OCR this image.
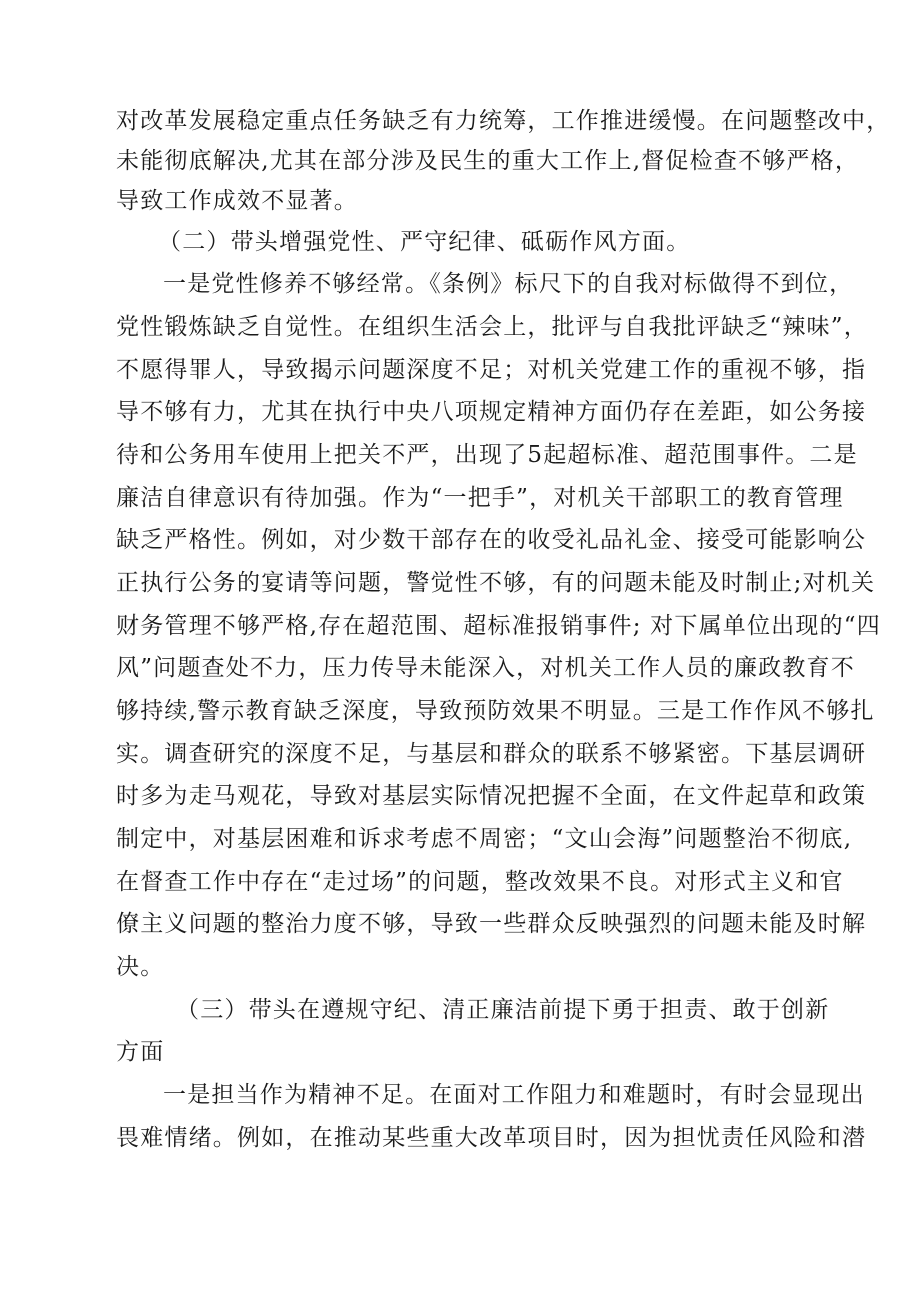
对改革发展稳定重点任务缺乏有力统筹，工作推进缓慢。在问题整改中，
未能彻底解决,尤其在部分涉及民生的重大工作上,督促检查不够严格，
导致工作成效不显著。
（二）带头增强党性、严守纪律、砥砺作风方面。
一是党性修养不够经常。《条例》标尺下的自我对标做得不到位，
党性锻炼缺乏自觉性。在组织生活会上，批评与自我批评缺乏“辣味”，
不愿得罪人，导致揭示问题深度不足；对机关党建工作的重视不够，指
导不够有力，尤其在执行中央八项规定精神方面仍存在差距，如公务接
待和公务用车使用上把关不严，出现了5起超标准、超范围事件。二是
廉洁自律意识有待加强。作为“一把手”，对机关干部职工的教育管理
缺乏严格性。例如，对少数干部存在的收受礼品礼金、接受可能影响公
正执行公务的宴请等问题，警觉性不够，有的问题未能及时制止;对机关
财务管理不够严格,存在超范围、超标准报销事件; 对下属单位出现的“四
风”问题查处不力，压力传导未能深入，对机关工作人员的廉政教育不
够持续,警示教育缺乏深度，导致预防效果不明显。三是工作作风不够扎
实。调查研究的深度不足，与基层和群众的联系不够紧密。下基层调研
时多为走马观花，导致对基层实际情况把握不全面，在文件起草和政策
制定中，对基层困难和诉求考虑不周密；“文山会海”问题整治不彻底,
在督查工作中存在“走过场”的问题，整改效果不良。对形式主义和官
僚主义问题的整治力度不够，导致一些群众反映强烈的问题未能及时解
决。
（三）带头在遵规守纪、清正廉洁前提下勇于担责、敢于创新
方面
一是担当作为精神不足。在面对工作阻力和难题时，有时会显现出
畏难情绪。例如，在推动某些重大改革项目时，因为担忧责任风险和潜
